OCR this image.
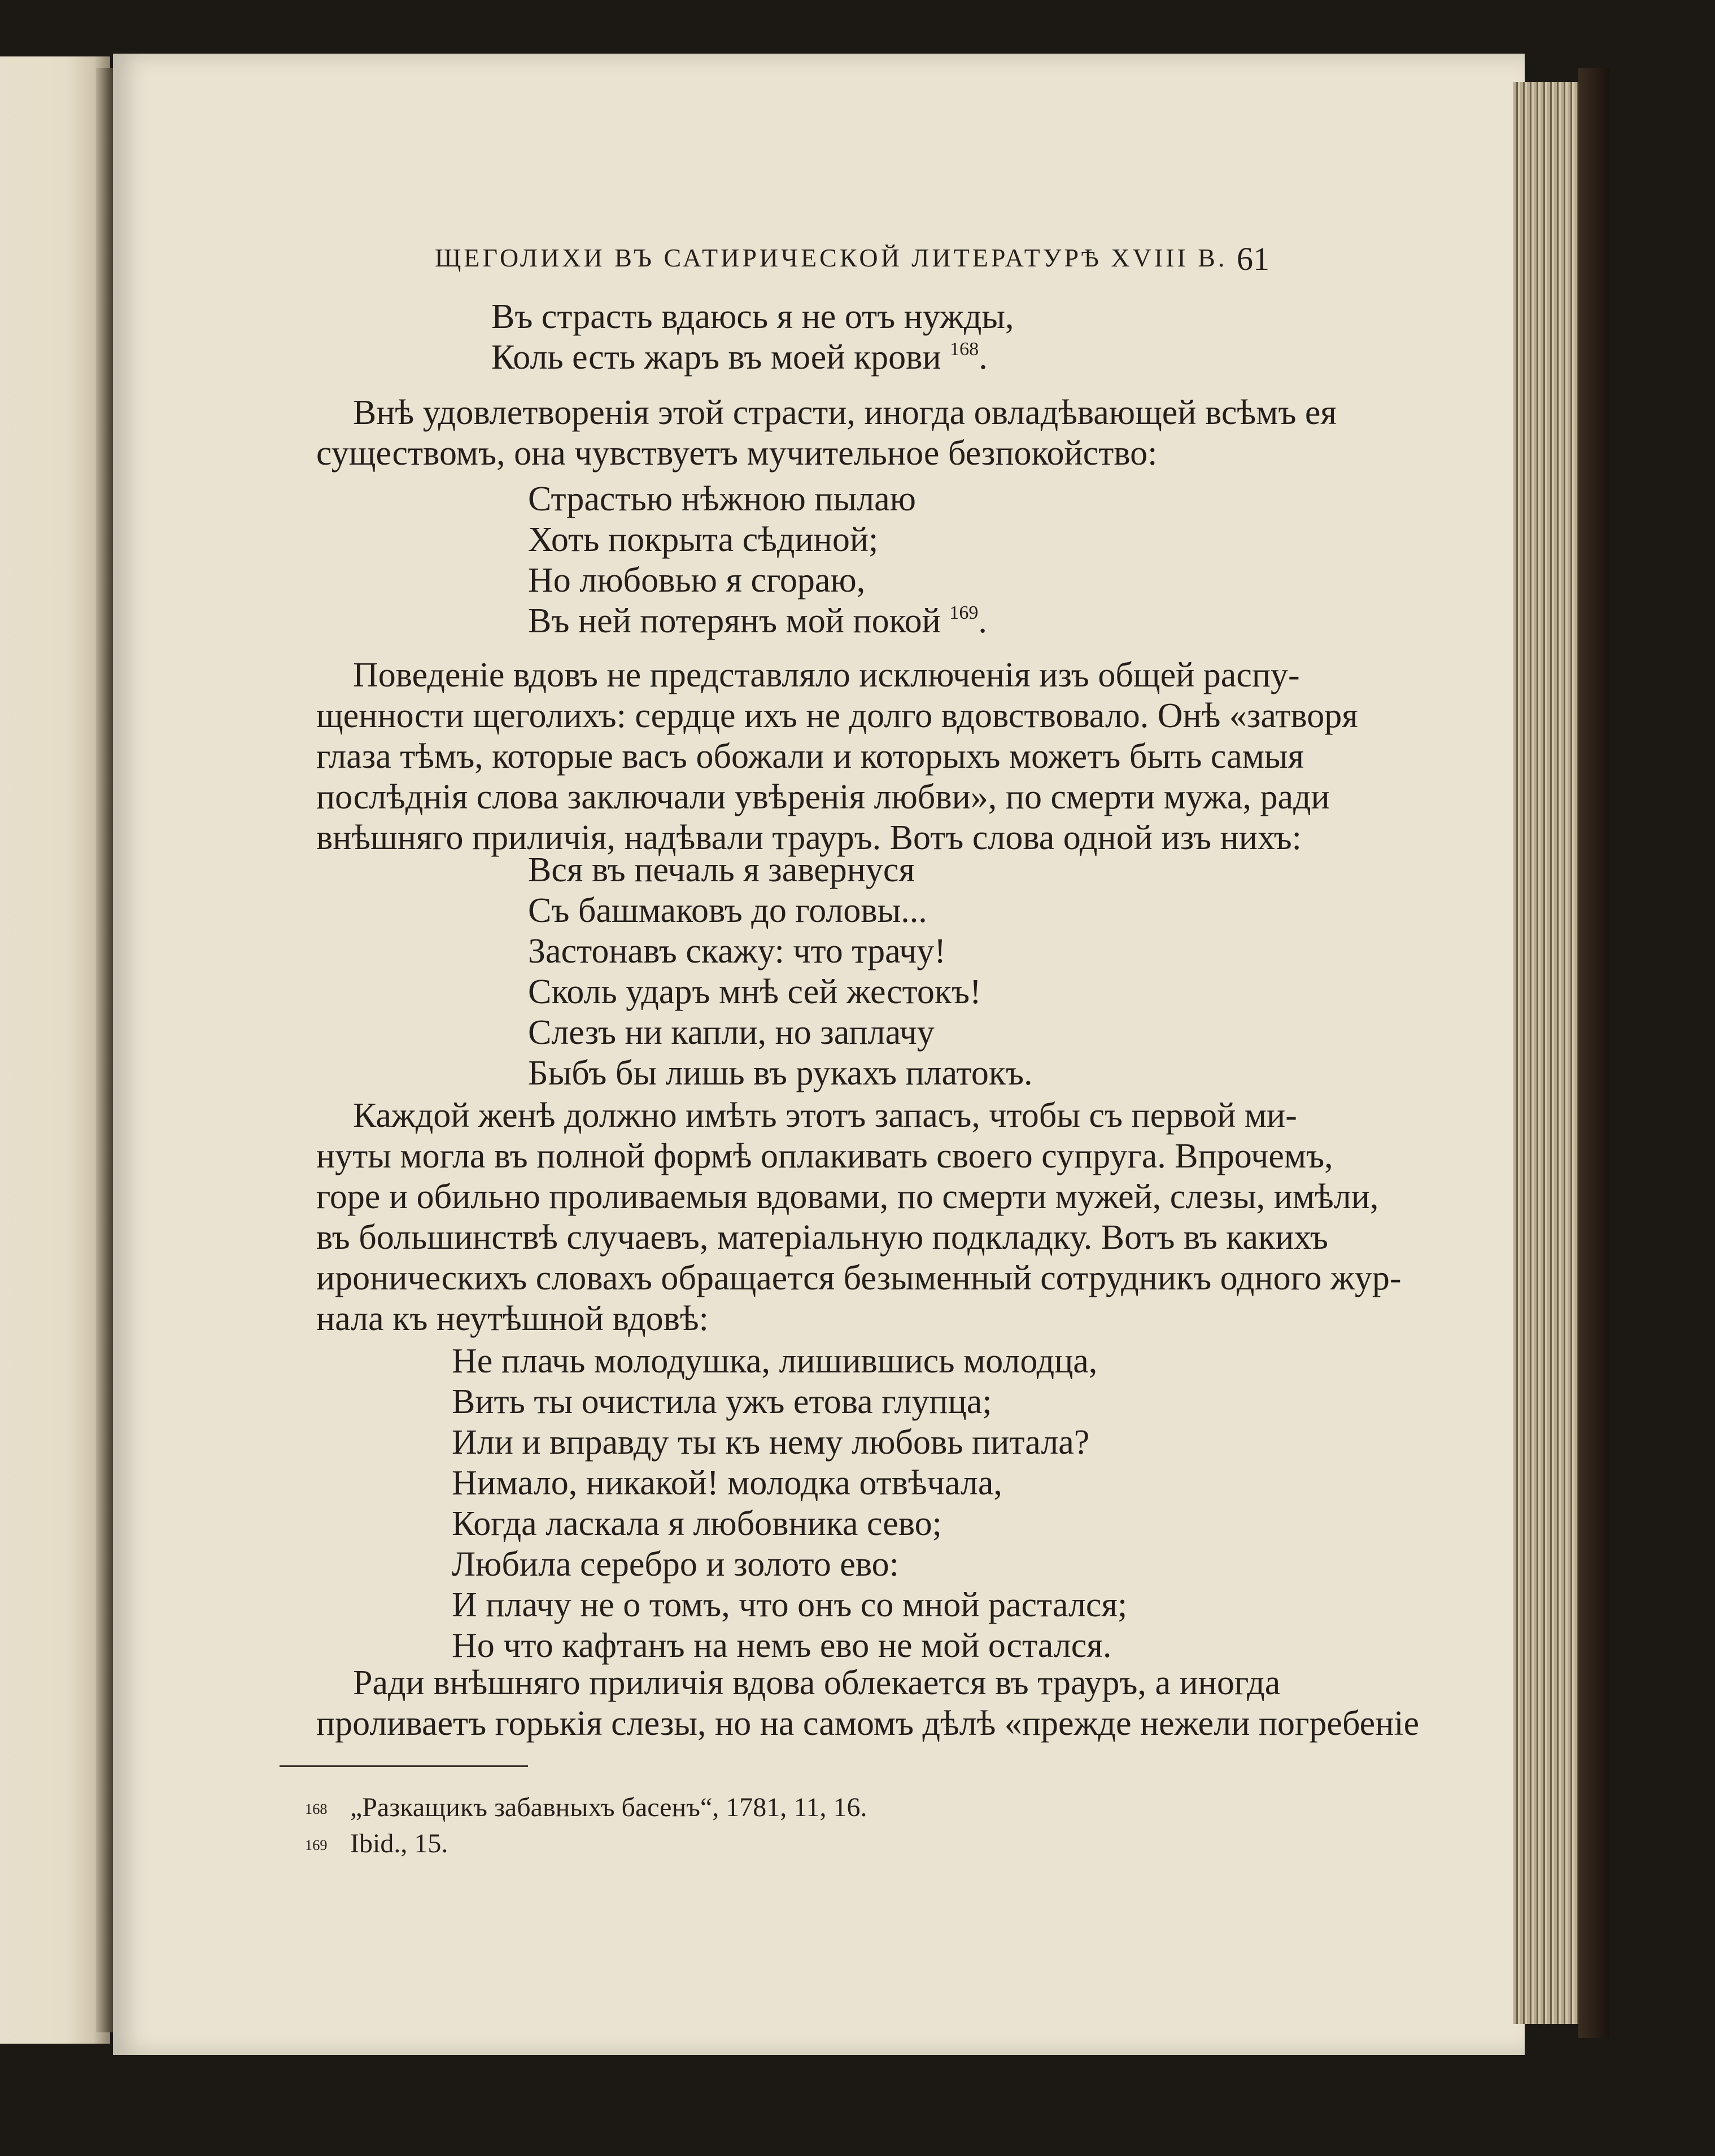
ЩЕГОЛИХИ ВЪ САТИРИЧЕСКОЙ ЛИТЕРАТУРѢ XVIII В. 61
Въ страсть вдаюсь я не отъ нужды,
Коль есть жаръ въ моей крови $^{168}$.
Внѣ удовлетворенія этой страсти, иногда овладѣвающей всѣмъ ея
существомъ, она чувствуетъ мучительное безпокойство:
Страстью нѣжною пылаю
Хоть покрыта сѣдиной;
Но любовью я сгораю,
Въ ней потерянъ мой покой $^{169}$.
Поведеніе вдовъ не представляло исключенія изъ общей распу-
щенности щеголихъ: сердце ихъ не долго вдовствовало. Онѣ «затворя
глаза тѣмъ, которые васъ обожали и которыхъ можетъ быть самыя
послѣднія слова заключали увѣренія любви», по смерти мужа, ради
внѣшняго приличія, надѣвали трауръ. Вотъ слова одной изъ нихъ:
Вся въ печаль я завернуся
Съ башмаковъ до головы...
Застонавъ скажу: что трачу!
Сколь ударъ мнѣ сей жестокъ!
Слезъ ни капли, но заплачу
Быбъ бы лишь въ рукахъ платокъ.
Каждой женѣ должно имѣть этотъ запасъ, чтобы съ первой ми-
нуты могла въ полной формѣ оплакивать своего супруга. Впрочемъ,
горе и обильно проливаемыя вдовами, по смерти мужей, слезы, имѣли,
въ большинствѣ случаевъ, матеріальную подкладку. Вотъ въ какихъ
ироническихъ словахъ обращается безыменный сотрудникъ одного жур-
нала къ неутѣшной вдовѣ:
Не плачь молодушка, лишившись молодца,
Вить ты очистила ужъ етова глупца;
Или и вправду ты къ нему любовь питала?
Нимало, никакой! молодка отвѣчала,
Когда ласкала я любовника сево;
Любила серебро и золото ево:
И плачу не о томъ, что онъ со мной растался;
Но что кафтанъ на немъ ево не мой остался.
Ради внѣшняго приличія вдова облекается въ трауръ, а иногда
проливаетъ горькія слезы, но на самомъ дѣлѣ «прежде нежели погребеніе
„Разкащикъ забавныхъ басенъ“, 1781, 11, 16.
Ibid., 15.
